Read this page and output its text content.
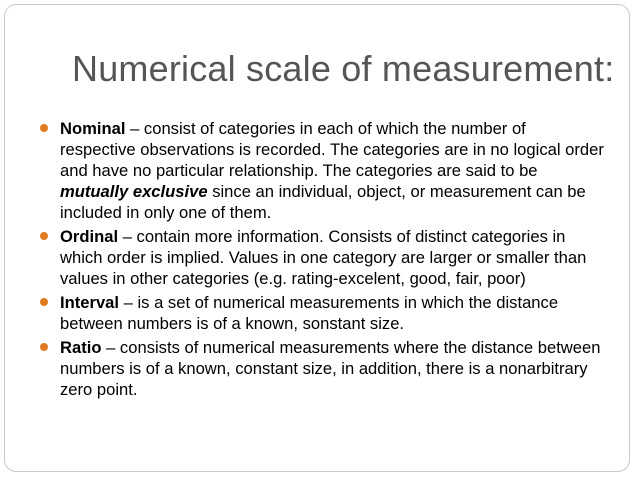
Numerical scale of measurement:
Nominal – consist of categories in each of which the number of respective observations is recorded. The categories are in no logical order and have no particular relationship. The categories are said to be mutually exclusive since an individual, object, or measurement can be included in only one of them.
Ordinal – contain more information. Consists of distinct categories in which order is implied. Values in one category are larger or smaller than values in other categories (e.g. rating-excelent, good, fair, poor)
Interval – is a set of numerical measurements in which the distance between numbers is of a known, sonstant size.
Ratio – consists of numerical measurements where the distance between numbers is of a known, constant size, in addition, there is a nonarbitrary zero point.
